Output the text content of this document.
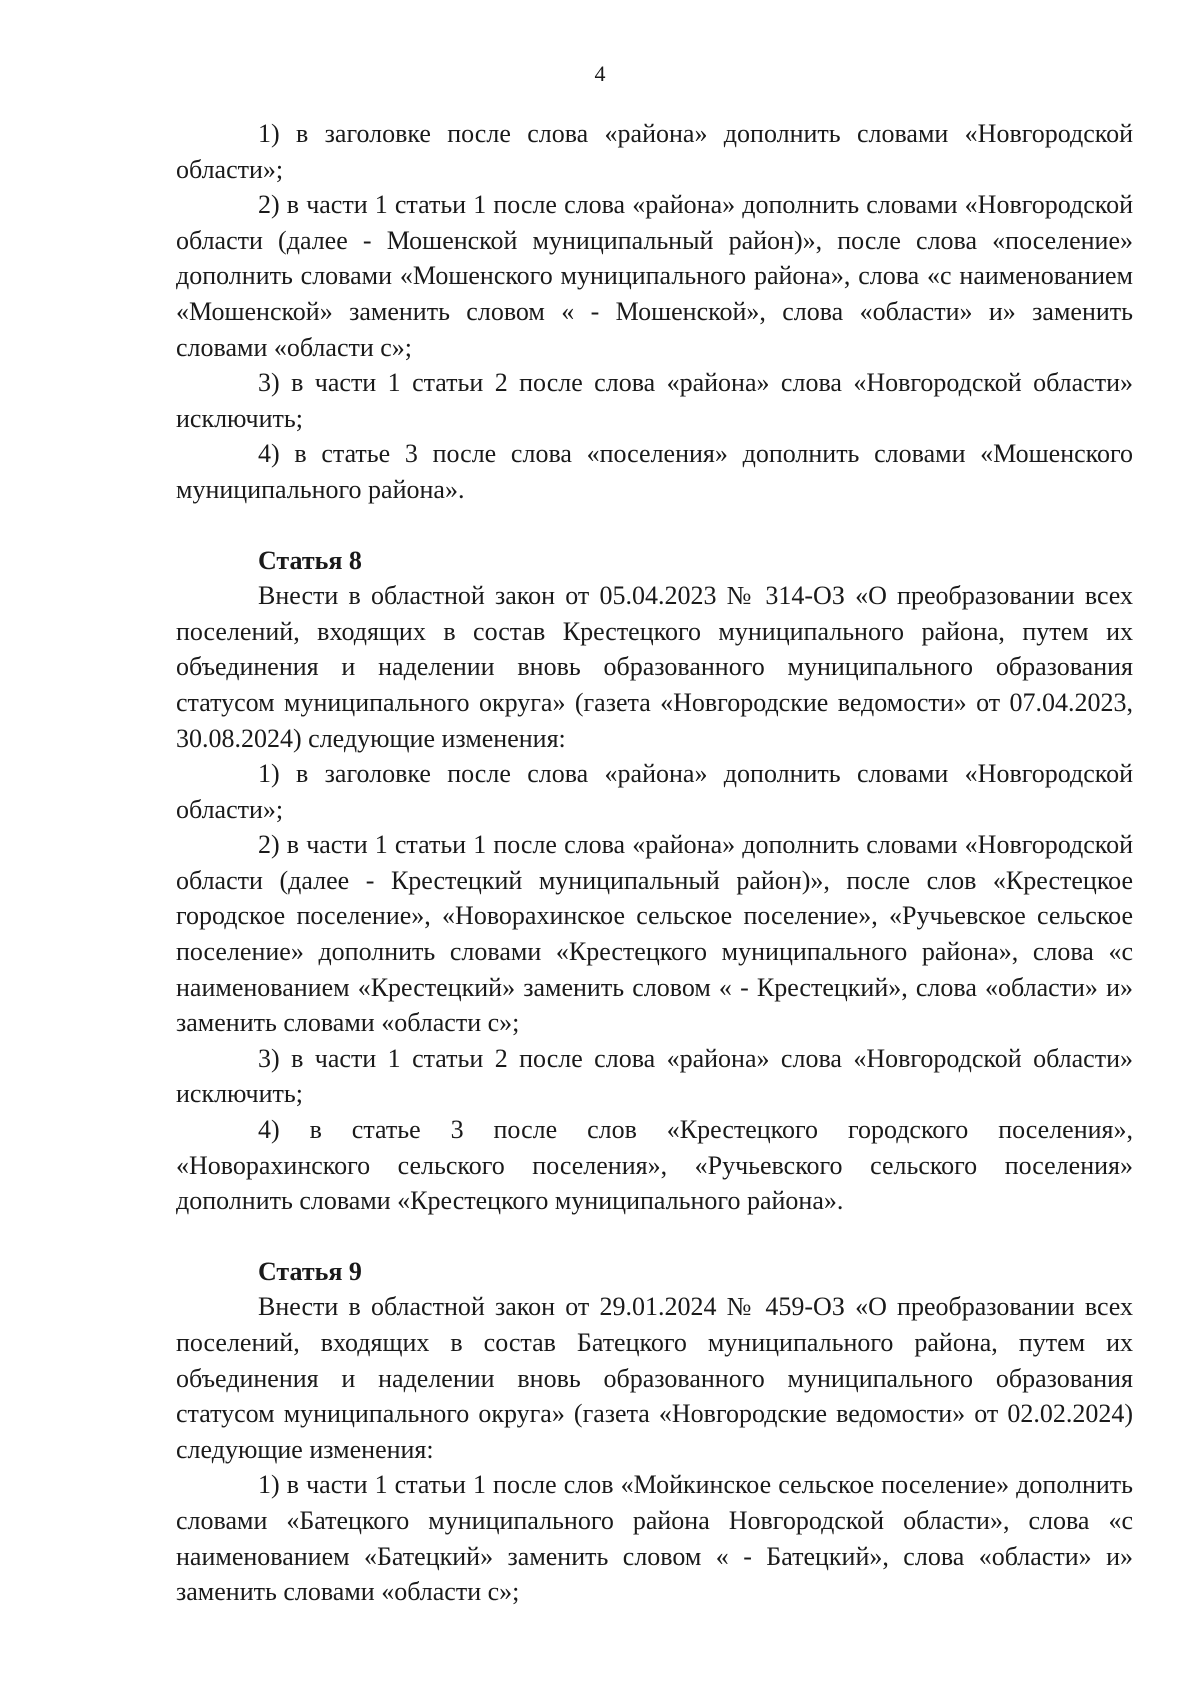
4

1) в заголовке после слова «района» дополнить словами «Новгородской области»;

2) в части 1 статьи 1 после слова «района» дополнить словами «Новгородской области (далее - Мошенской муниципальный район)», после слова «поселение» дополнить словами «Мошенского муниципального района», слова «с наименованием «Мошенской» заменить словом « - Мошенской», слова «области» и» заменить словами «области с»;

3) в части 1 статьи 2 после слова «района» слова «Новгородской области» исключить;

4) в статье 3 после слова «поселения» дополнить словами «Мошенского муниципального района».

Статья 8

Внести в областной закон от 05.04.2023 № 314-ОЗ «О преобразовании всех поселений, входящих в состав Крестецкого муниципального района, путем их объединения и наделении вновь образованного муниципального образования статусом муниципального округа» (газета «Новгородские ведомости» от 07.04.2023, 30.08.2024) следующие изменения:

1) в заголовке после слова «района» дополнить словами «Новгородской области»;

2) в части 1 статьи 1 после слова «района» дополнить словами «Новгородской области (далее - Крестецкий муниципальный район)», после слов «Крестецкое городское поселение», «Новорахинское сельское поселение», «Ручьевское сельское поселение» дополнить словами «Крестецкого муниципального района», слова «с наименованием «Крестецкий» заменить словом « - Крестецкий», слова «области» и» заменить словами «области с»;

3) в части 1 статьи 2 после слова «района» слова «Новгородской области» исключить;

4) в статье 3 после слов «Крестецкого городского поселения», «Новорахинского сельского поселения», «Ручьевского сельского поселения» дополнить словами «Крестецкого муниципального района».

Статья 9

Внести в областной закон от 29.01.2024 № 459-ОЗ «О преобразовании всех поселений, входящих в состав Батецкого муниципального района, путем их объединения и наделении вновь образованного муниципального образования статусом муниципального округа» (газета «Новгородские ведомости» от 02.02.2024) следующие изменения:

1) в части 1 статьи 1 после слов «Мойкинское сельское поселение» дополнить словами «Батецкого муниципального района Новгородской области», слова «с наименованием «Батецкий» заменить словом « - Батецкий», слова «области» и» заменить словами «области с»;
